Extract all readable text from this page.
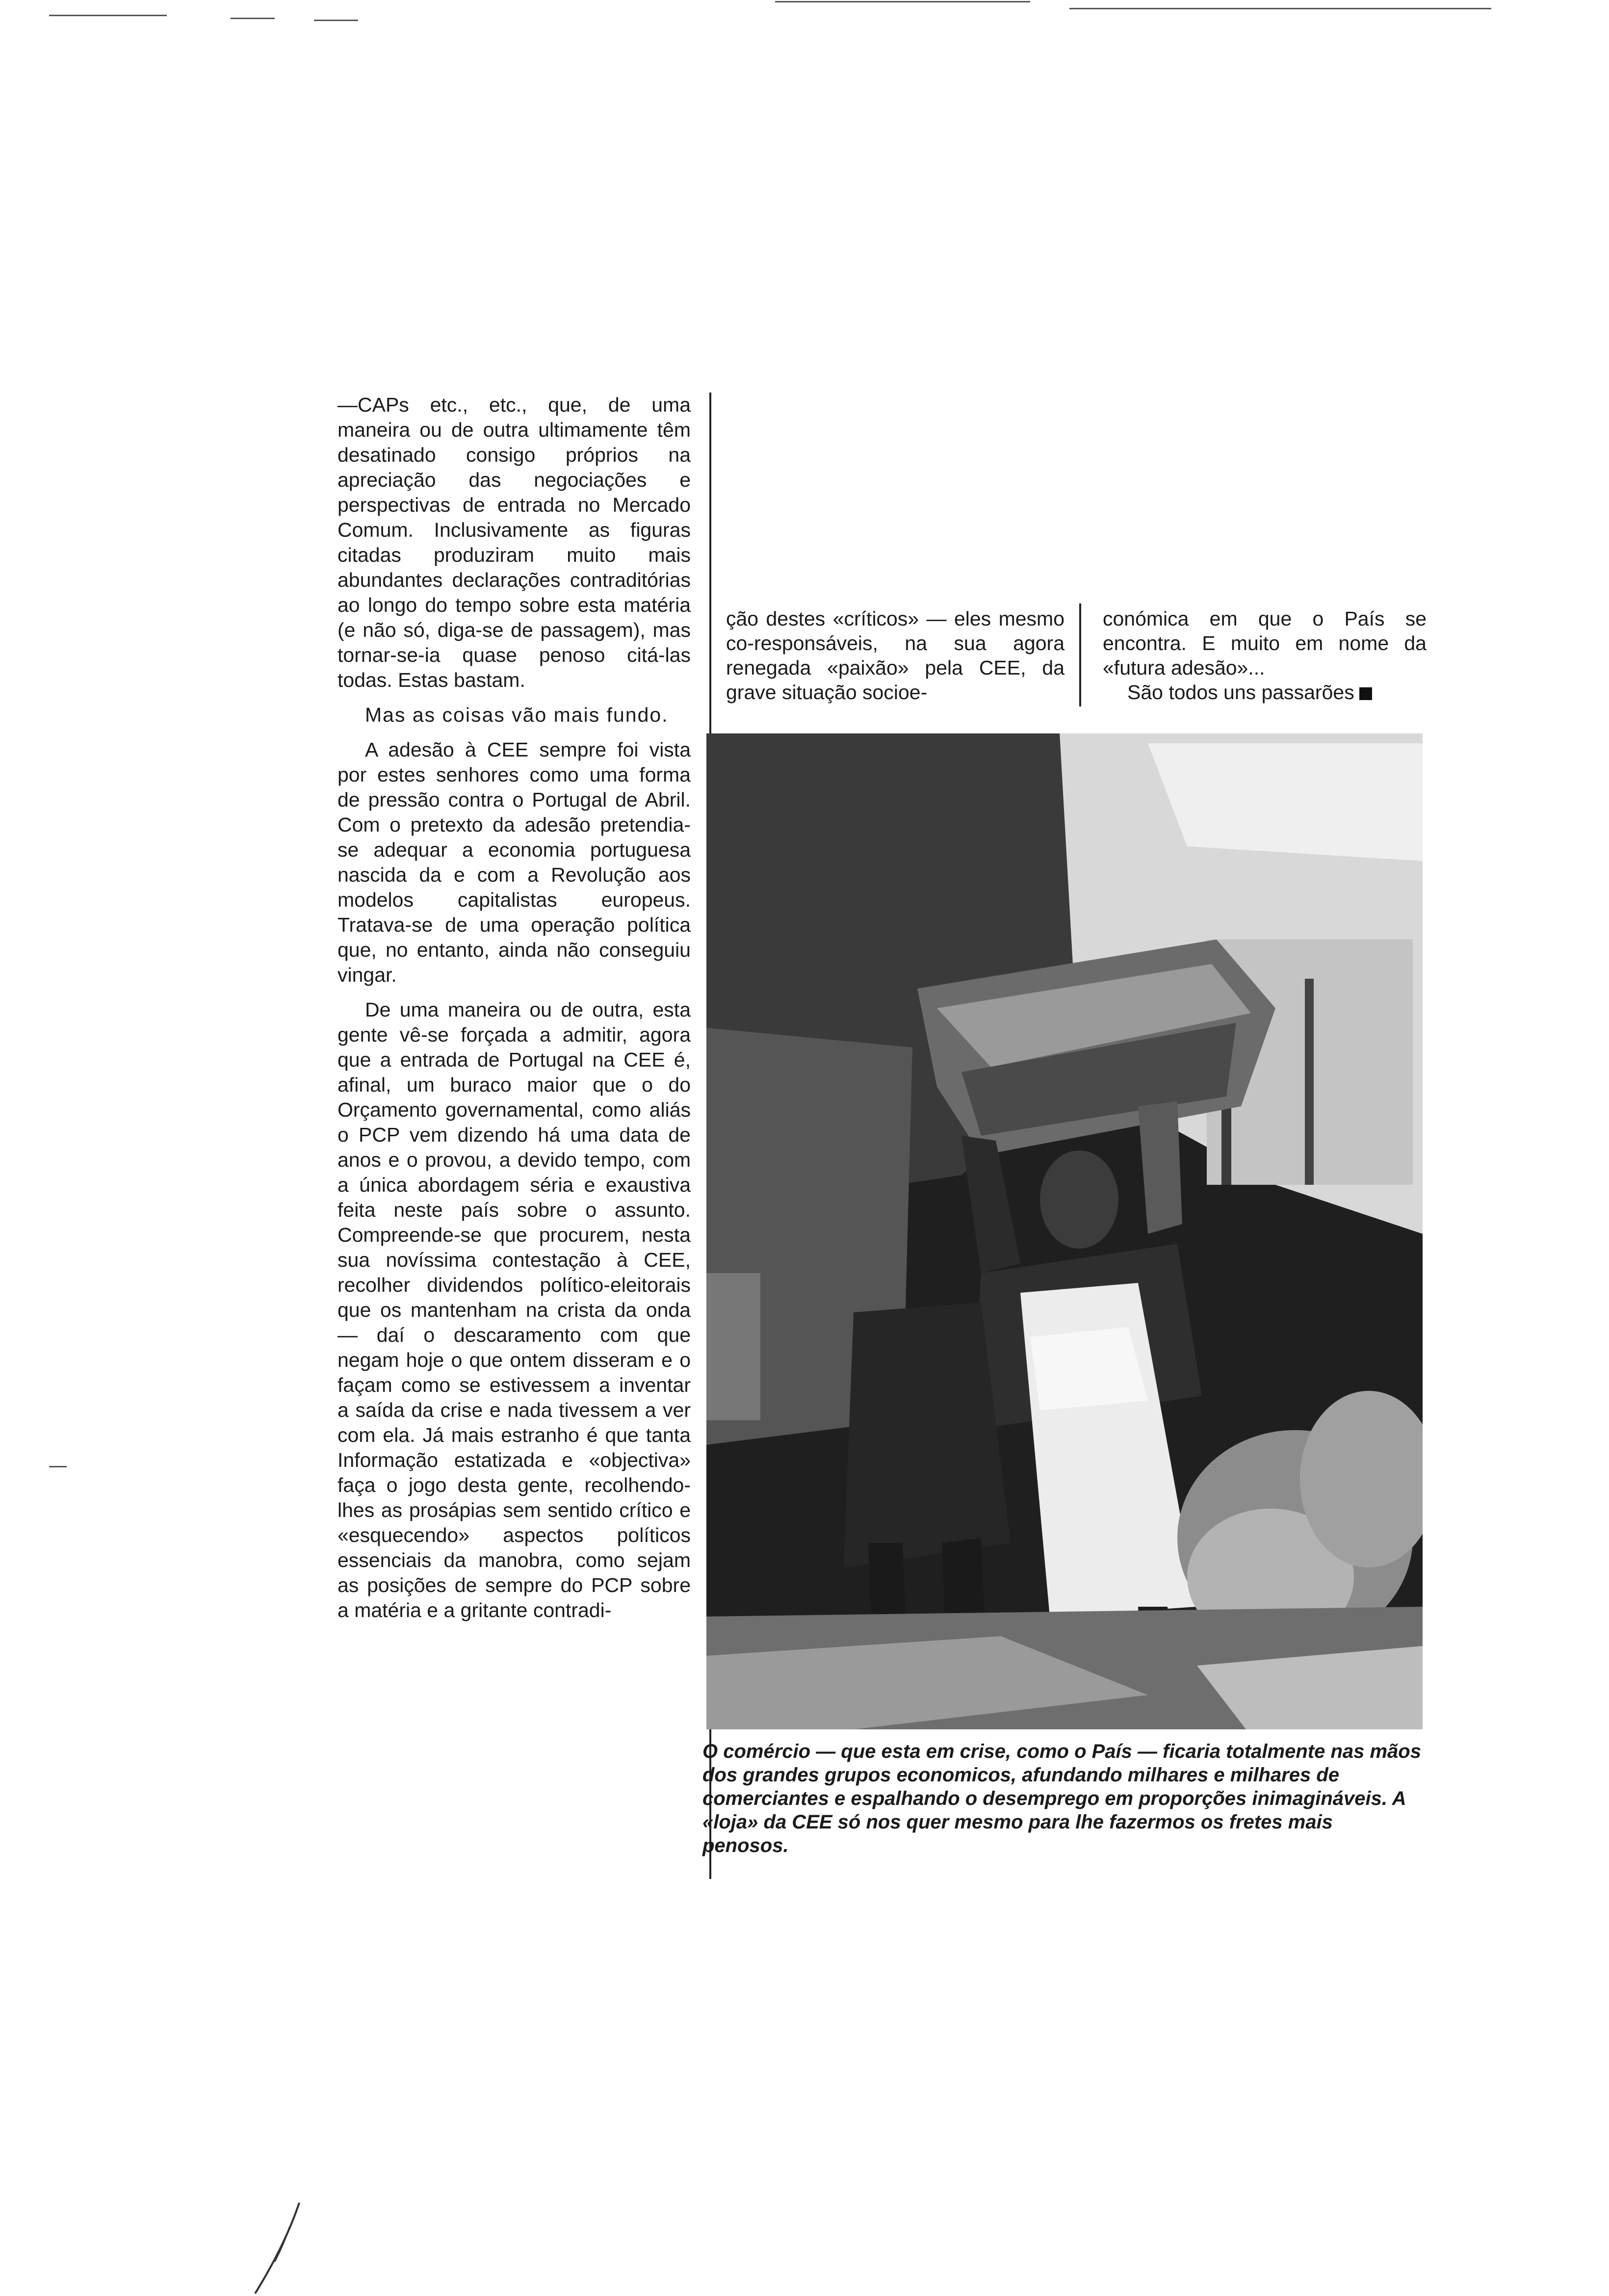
—CAPs etc., etc., que, de uma maneira ou de outra ultimamente têm desatinado consigo próprios na apreciação das negociações e perspectivas de entrada no Mercado Comum. Inclusivamente as figuras citadas produziram muito mais abundantes declarações contraditórias ao longo do tempo sobre esta matéria (e não só, diga-se de passagem), mas tornar-se-ia quase penoso citá-las todas. Estas bastam.

Mas as coisas vão mais fundo.

A adesão à CEE sempre foi vista por estes senhores como uma forma de pressão contra o Portugal de Abril. Com o pretexto da adesão pretendia-se adequar a economia portuguesa nascida da e com a Revolução aos modelos capitalistas europeus. Tratava-se de uma operação política que, no entanto, ainda não conseguiu vingar.

De uma maneira ou de outra, esta gente vê-se forçada a admitir, agora que a entrada de Portugal na CEE é, afinal, um buraco maior que o do Orçamento governamental, como aliás o PCP vem dizendo há uma data de anos e o provou, a devido tempo, com a única abordagem séria e exaustiva feita neste país sobre o assunto. Compreende-se que procurem, nesta sua novíssima contestação à CEE, recolher dividendos político-eleitorais que os mantenham na crista da onda — daí o descaramento com que negam hoje o que ontem disseram e o façam como se estivessem a inventar a saída da crise e nada tivessem a ver com ela. Já mais estranho é que tanta Informação estatizada e «objectiva» faça o jogo desta gente, recolhendo-lhes as prosápias sem sentido crítico e «esquecendo» aspectos políticos essenciais da manobra, como sejam as posições de sempre do PCP sobre a matéria e a gritante contradi-

ção destes «críticos» — eles mesmo co-responsáveis, na sua agora renegada «paixão» pela CEE, da grave situação socioe-

conómica em que o País se encontra. E muito em nome da «futura adesão»...

São todos uns passarões

O comércio — que esta em crise, como o País — ficaria totalmente nas mãos dos grandes grupos economicos, afundando milhares e milhares de comerciantes e espalhando o desemprego em proporções inimagináveis. A «loja» da CEE só nos quer mesmo para lhe fazermos os fretes mais penosos.
